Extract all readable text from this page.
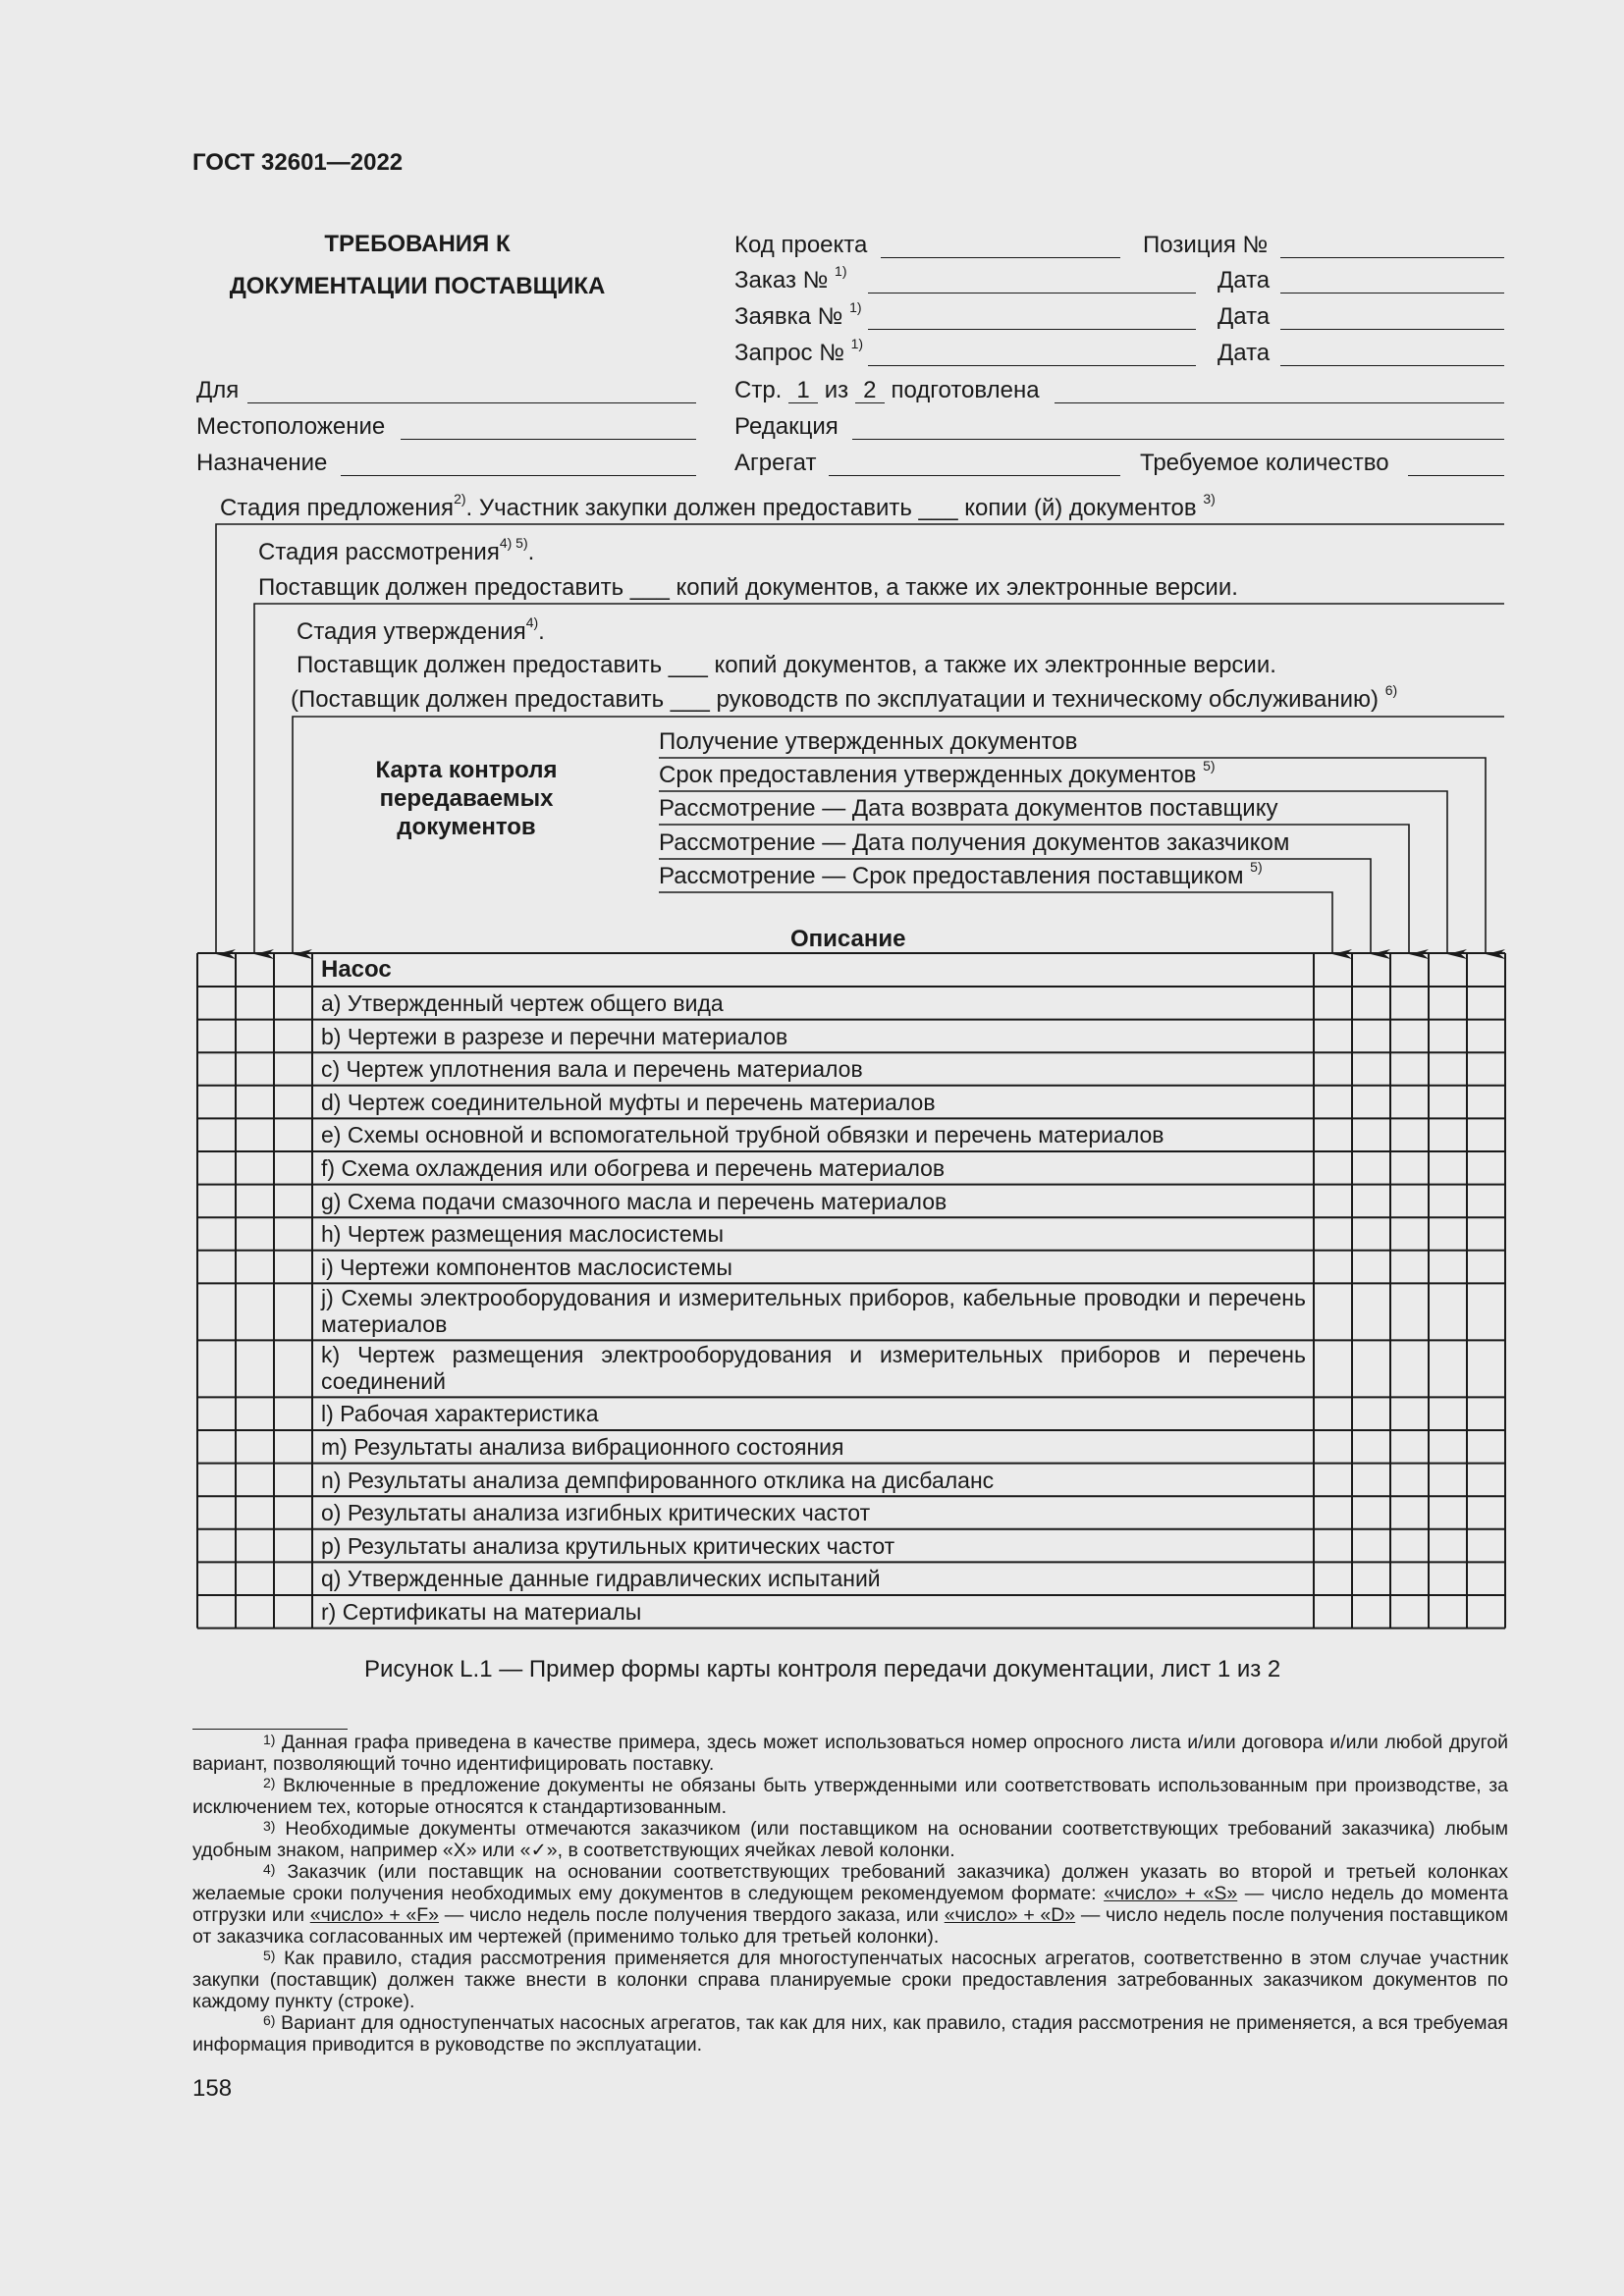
ГОСТ 32601—2022
ТРЕБОВАНИЯ К
ДОКУМЕНТАЦИИ ПОСТАВЩИКА
Код проекта	Позиция №
Заказ № $^{1)}$	Дата
Заявка № $^{1)}$	Дата
Запрос № $^{1)}$	Дата
Стр. 1 из 2 подготовлена
Редакция
Агрегат	Требуемое количество
Для
Местоположение
Назначение
Стадия предложения$^{2)}$. Участник закупки должен предоставить ___ копии (й) документов $^{3)}$
Стадия рассмотрения$^{4) 5)}$.
Поставщик должен предоставить ___ копий документов, а также их электронные версии.
Стадия утверждения$^{4)}$.
Поставщик должен предоставить ___ копий документов, а также их электронные версии.
(Поставщик должен предоставить ___ руководств по эксплуатации и техническому обслуживанию) $^{6)}$
Карта контроля
передаваемых
документов
Получение утвержденных документов
Срок предоставления утвержденных документов $^{5)}$
Рассмотрение — Дата возврата документов поставщику
Рассмотрение — Дата получения документов заказчиком
Рассмотрение — Срок предоставления поставщиком $^{5)}$
Описание
Насос
a) Утвержденный чертеж общего вида
b) Чертежи в разрезе и перечни материалов
c) Чертеж уплотнения вала и перечень материалов
d) Чертеж соединительной муфты и перечень материалов
e) Схемы основной и вспомогательной трубной обвязки и перечень материалов
f) Схема охлаждения или обогрева и перечень материалов
g) Схема подачи смазочного масла и перечень материалов
h) Чертеж размещения маслосистемы
i) Чертежи компонентов маслосистемы
j) Схемы электрооборудования и измерительных приборов, кабельные проводки и перечень материалов
k) Чертеж размещения электрооборудования и измерительных приборов и перечень соединений
l) Рабочая характеристика
m) Результаты анализа вибрационного состояния
n) Результаты анализа демпфированного отклика на дисбаланс
o) Результаты анализа изгибных критических частот
p) Результаты анализа крутильных критических частот
q) Утвержденные данные гидравлических испытаний
r) Сертификаты на материалы
Рисунок L.1 — Пример формы карты контроля передачи документации, лист 1 из 2
$^{1)}$ Данная графа приведена в качестве примера, здесь может использоваться номер опросного листа и/или договора и/или любой другой вариант, позволяющий точно идентифицировать поставку.
$^{2)}$ Включенные в предложение документы не обязаны быть утвержденными или соответствовать использованным при производстве, за исключением тех, которые относятся к стандартизованным.
$^{3)}$ Необходимые документы отмечаются заказчиком (или поставщиком на основании соответствующих требований заказчика) любым удобным знаком, например «X» или «✓», в соответствующих ячейках левой колонки.
$^{4)}$ Заказчик (или поставщик на основании соответствующих требований заказчика) должен указать во второй и третьей колонках желаемые сроки получения необходимых ему документов в следующем рекомендуемом формате: «число» + «S» — число недель до момента отгрузки или «число» + «F» — число недель после получения твердого заказа, или «число» + «D» — число недель после получения поставщиком от заказчика согласованных им чертежей (применимо только для третьей колонки).
$^{5)}$ Как правило, стадия рассмотрения применяется для многоступенчатых насосных агрегатов, соответственно в этом случае участник закупки (поставщик) должен также внести в колонки справа планируемые сроки предоставления затребованных заказчиком документов по каждому пункту (строке).
$^{6)}$ Вариант для одноступенчатых насосных агрегатов, так как для них, как правило, стадия рассмотрения не применяется, а вся требуемая информация приводится в руководстве по эксплуатации.
158
